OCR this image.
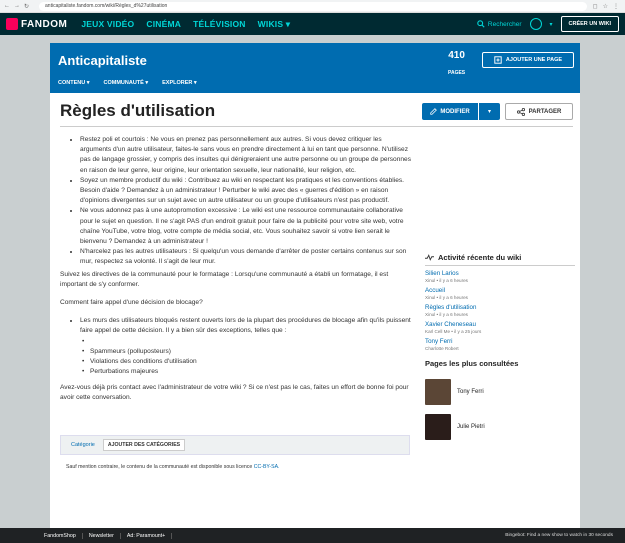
← → ↻	anticapitaliste.fandom.com/wiki/Règles_d%27utilisation	◻ ☆ ⋮
FANDOM JEUX VIDÉO CINÉMA TÉLÉVISION WIKIS ▾	Rechercher	▾	CRÉER UN WIKI
Anticapitaliste	410
PAGES
AJOUTER UNE PAGE
CONTENU ▾	COMMUNAUTÉ ▾	EXPLORER ▾
Règles d'utilisation	MODIFIER	▾	PARTAGER
• Restez poli et courtois : Ne vous en prenez pas personnellement aux autres. Si vous devez critiquer les arguments d'un autre utilisateur, faites-le sans vous en prendre directement à lui en tant que personne. N'utilisez pas de langage grossier, y compris des insultes qui dénigreraient une autre personne ou un groupe de personnes en raison de leur genre, leur origine, leur orientation sexuelle, leur nationalité, leur religion, etc.
• Soyez un membre productif du wiki : Contribuez au wiki en respectant les pratiques et les conventions établies. Besoin d'aide ? Demandez à un administrateur ! Perturber le wiki avec des « guerres d'édition » en raison d'opinions divergentes sur un sujet avec un autre utilisateur ou un groupe d'utilisateurs n'est pas productif.
• Ne vous adonnez pas à une autopromotion excessive : Le wiki est une ressource communautaire collaborative pour le sujet en question. Il ne s'agit PAS d'un endroit gratuit pour faire de la publicité pour votre site web, votre chaîne YouTube, votre blog, votre compte de média social, etc. Vous souhaitez savoir si votre lien serait le bienvenu ? Demandez à un administrateur !
• N'harcelez pas les autres utilisateurs : Si quelqu'un vous demande d'arrêter de poster certains contenus sur son mur, respectez sa volonté. Il s'agit de leur mur.

Suivez les directives de la communauté pour le formatage : Lorsqu'une communauté a établi un formatage, il est important de s'y conformer.

Comment faire appel d'une décision de blocage?

• Les murs des utilisateurs bloqués restent ouverts lors de la plupart des procédures de blocage afin qu'ils puissent faire appel de cette décision. Il y a bien sûr des exceptions, telles que :
•
• Spammeurs (polluposteurs)
• Violations des conditions d'utilisation
• Perturbations majeures

Avez-vous déjà pris contact avec l'administrateur de votre wiki ? Si ce n'est pas le cas, faites un effort de bonne foi pour avoir cette conversation.

Catégorie	AJOUTER DES CATÉGORIES
Sauf mention contraire, le contenu de la communauté est disponible sous licence CC-BY-SA.
Activité récente du wiki
Silien Larios
Xinul • il y a 6 heures
Accueil
Xinul • il y a 6 heures
Règles d'utilisation
Xinul • il y a 6 heures
Xavier Cheneseau
Karl Cell Me • il y a 25 jours
Tony Ferri
Charlotte Robert
Pages les plus consultées
Tony Ferri
Julie Pietri
FandomShop	Newsletter	Ad: Paramount+	Bingebot: Find a new show to watch in 30 seconds
